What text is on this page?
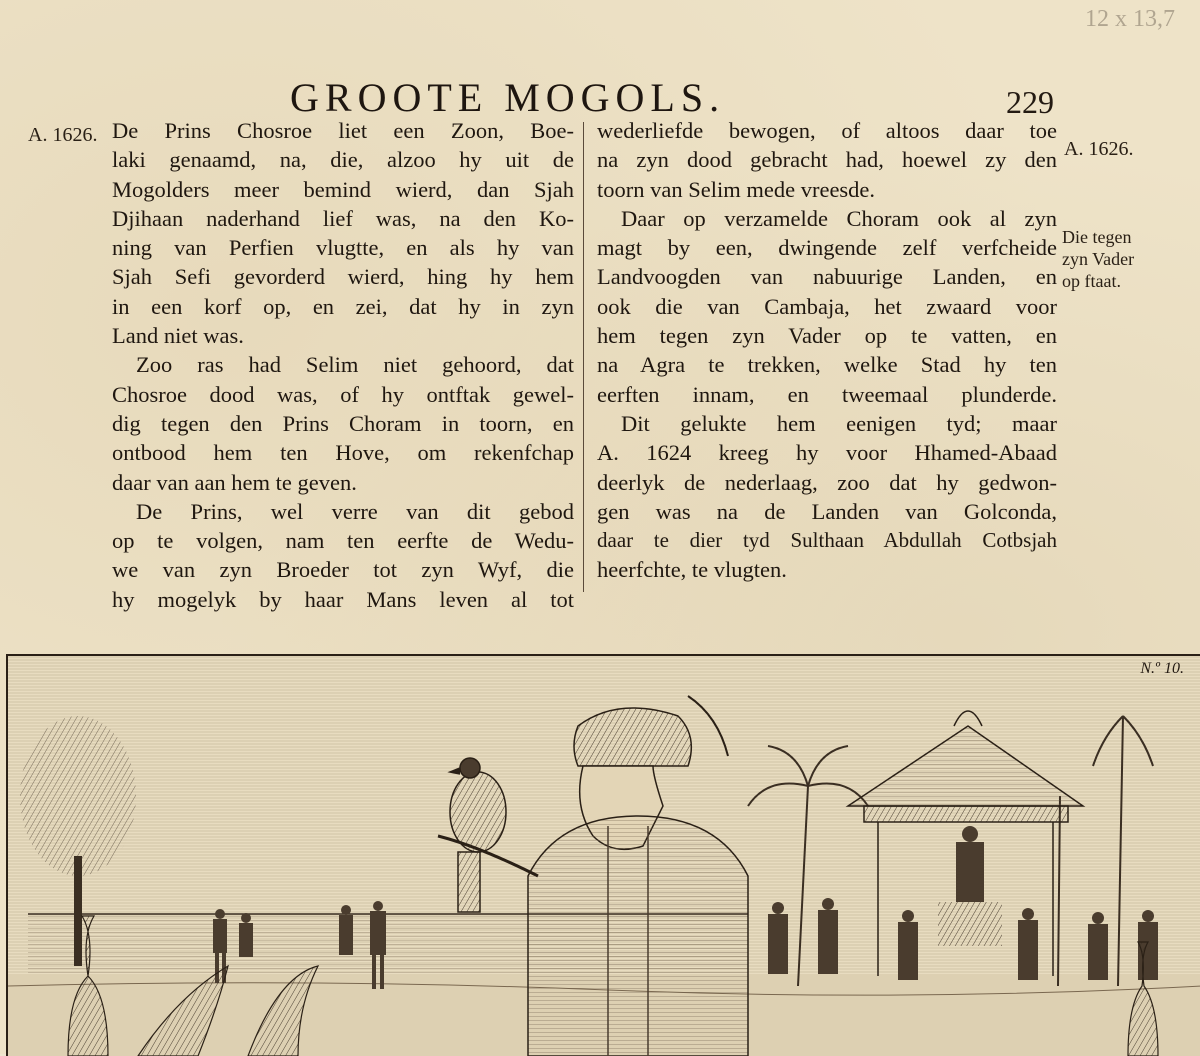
12 x 13,7
GROOTE MOGOLS.	229
A. 1626.
A. 1626.
Die tegen
zyn Vader
op ftaat.
De Prins Chosroe liet een Zoon, Boe-
laki genaamd, na, die, alzoo hy uit de
Mogolders meer bemind wierd, dan Sjah
Djihaan naderhand lief was, na den Ko-
ning van Perfien vlugtte, en als hy van
Sjah Sefi gevorderd wierd, hing hy hem
in een korf op, en zei, dat hy in zyn
Land niet was.
Zoo ras had Selim niet gehoord, dat
Chosroe dood was, of hy ontftak gewel-
dig tegen den Prins Choram in toorn, en
ontbood hem ten Hove, om rekenfchap
daar van aan hem te geven.
De Prins, wel verre van dit gebod
op te volgen, nam ten eerfte de Wedu-
we van zyn Broeder tot zyn Wyf, die
hy mogelyk by haar Mans leven al tot
wederliefde bewogen, of altoos daar toe
na zyn dood gebracht had, hoewel zy den
toorn van Selim mede vreesde.
Daar op verzamelde Choram ook al zyn
magt by een, dwingende zelf verfcheide
Landvoogden van nabuurige Landen, en
ook die van Cambaja, het zwaard voor
hem tegen zyn Vader op te vatten, en
na Agra te trekken, welke Stad hy ten
eerften innam, en tweemaal plunderde.
Dit gelukte hem eenigen tyd; maar
A. 1624 kreeg hy voor Hhamed-Abaad
deerlyk de nederlaag, zoo dat hy gedwon-
gen was na de Landen van Golconda,
daar te dier tyd Sulthaan Abdullah Cotbsjah
heerfchte, te vlugten.
N.º 10.
